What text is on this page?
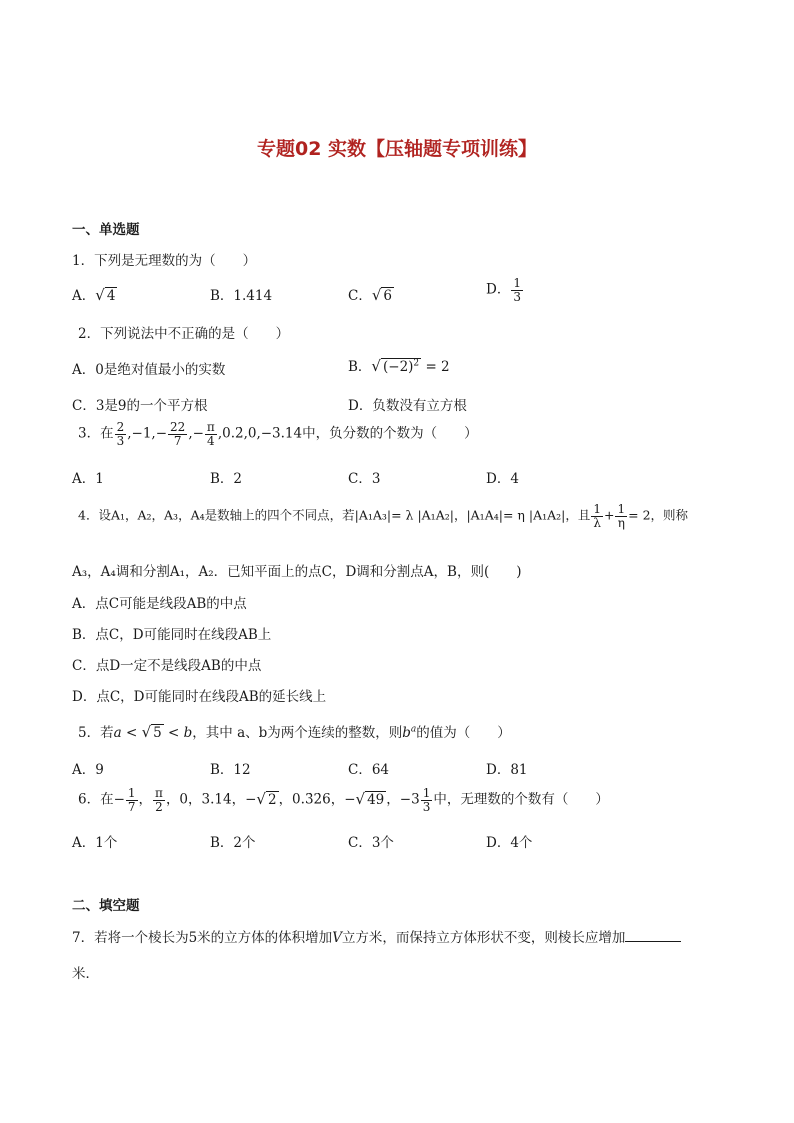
专题02 实数【压轴题专项训练】
一、单选题
1．下列是无理数的为（　　）
A．√ 4	B．1.414	C．√ 6	D． $\frac{1}{3}$
2．下列说法中不正确的是（　　）
A．0是绝对值最小的实数	B．√ $(-2)^2 = 2$
C．3是9的一个平方根	D．负数没有立方根
3．在 $\frac{2}{3} ,-1,- \frac{22}{7}$ ,− $\frac{\pi}{4}$ ,0.2̇,0,−3.14中，负分数的个数为（　　）
A．1	B．2	C．3	D．4
4．设A₁，A₂，A₃，A₄是数轴上的四个不同点，若|A₁A₃|= λ |A₁A₂|，|A₁A₄|= η |A₁A₂|，且 $\frac{1}{\lambda} + \frac{1}{\eta} = 2$，则称
A₃，A₄调和分割A₁，A₂．已知平面上的点C，D调和分割点A，B，则(　　)
A．点C可能是线段AB的中点
B．点C，D可能同时在线段AB上
C．点D一定不是线段AB的中点
D．点C，D可能同时在线段AB的延长线上
5．若a < √ 5 < b，其中 a、b为两个连续的整数，则$b^a$的值为（　　）
A．9	B．12	C．64	D．81
6．在− $\frac{1}{7}$ ， $\frac{\pi}{2}$ ，0，3.14，−√ 2 ，0.3̇2̇6，−√ 49 ，$-3 \frac{1}{3}$ 中，无理数的个数有（　　）
A．1个	B．2个	C．3个	D．4个
二、填空题
7．若将一个棱长为5米的立方体的体积增加V立方米，而保持立方体形状不变，则棱长应增加
米．
